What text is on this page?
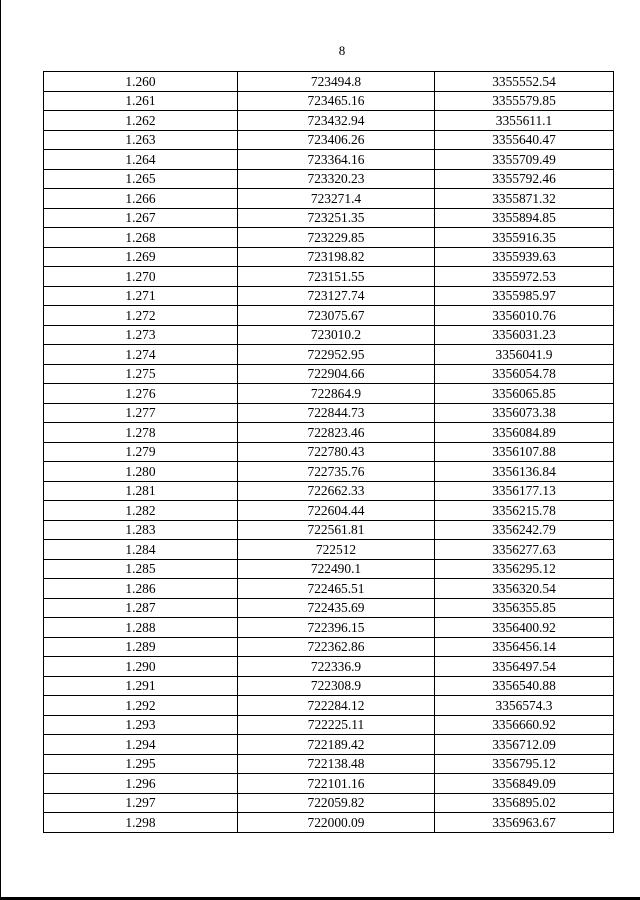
8
1.260	723494.8	3355552.54
1.261	723465.16	3355579.85
1.262	723432.94	3355611.1
1.263	723406.26	3355640.47
1.264	723364.16	3355709.49
1.265	723320.23	3355792.46
1.266	723271.4	3355871.32
1.267	723251.35	3355894.85
1.268	723229.85	3355916.35
1.269	723198.82	3355939.63
1.270	723151.55	3355972.53
1.271	723127.74	3355985.97
1.272	723075.67	3356010.76
1.273	723010.2	3356031.23
1.274	722952.95	3356041.9
1.275	722904.66	3356054.78
1.276	722864.9	3356065.85
1.277	722844.73	3356073.38
1.278	722823.46	3356084.89
1.279	722780.43	3356107.88
1.280	722735.76	3356136.84
1.281	722662.33	3356177.13
1.282	722604.44	3356215.78
1.283	722561.81	3356242.79
1.284	722512	3356277.63
1.285	722490.1	3356295.12
1.286	722465.51	3356320.54
1.287	722435.69	3356355.85
1.288	722396.15	3356400.92
1.289	722362.86	3356456.14
1.290	722336.9	3356497.54
1.291	722308.9	3356540.88
1.292	722284.12	3356574.3
1.293	722225.11	3356660.92
1.294	722189.42	3356712.09
1.295	722138.48	3356795.12
1.296	722101.16	3356849.09
1.297	722059.82	3356895.02
1.298	722000.09	3356963.67
